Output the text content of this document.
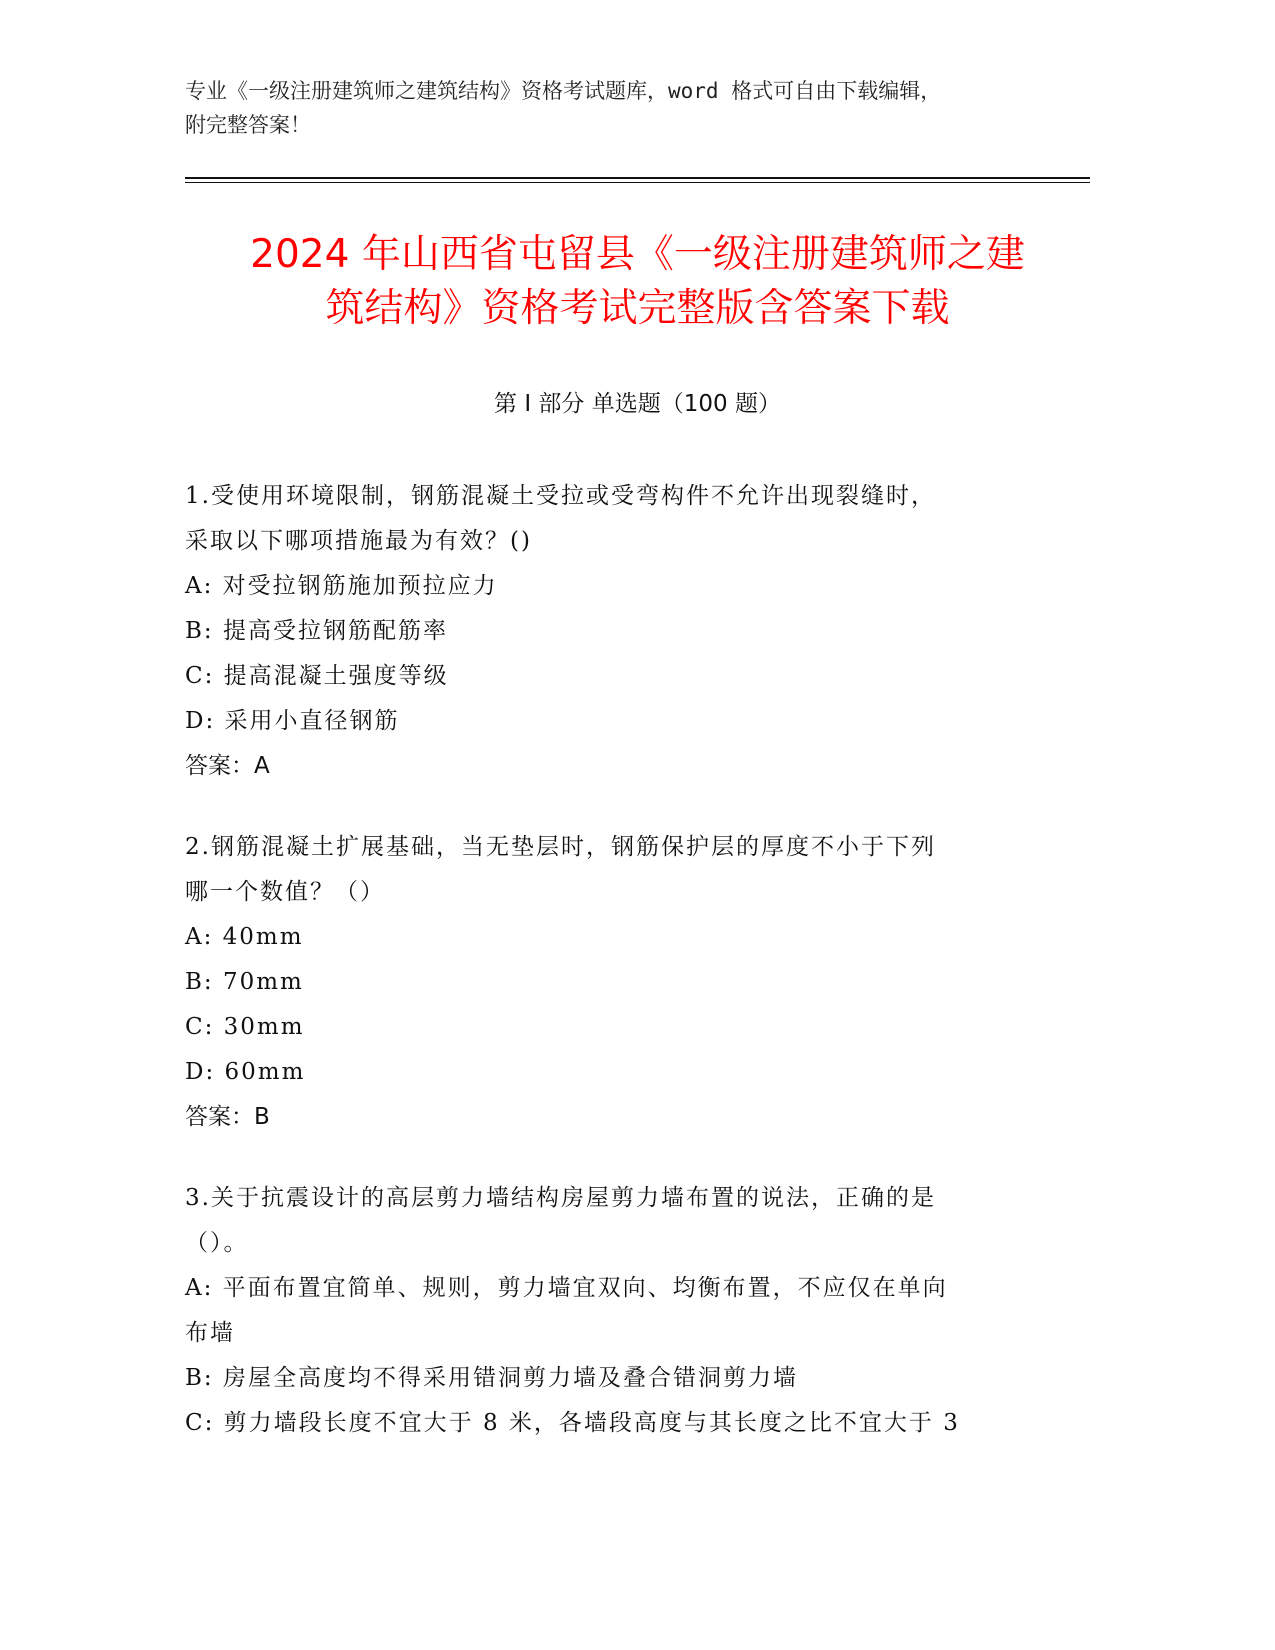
专业《一级注册建筑师之建筑结构》资格考试题库，word 格式可自由下载编辑，
附完整答案！
2024 年山西省屯留县《一级注册建筑师之建
筑结构》资格考试完整版含答案下载
第 I 部分 单选题（100 题）
1.受使用环境限制，钢筋混凝土受拉或受弯构件不允许出现裂缝时，
采取以下哪项措施最为有效？()
A: 对受拉钢筋施加预拉应力
B: 提高受拉钢筋配筋率
C: 提高混凝土强度等级
D: 采用小直径钢筋
答案：A
2.钢筋混凝土扩展基础，当无垫层时，钢筋保护层的厚度不小于下列
哪一个数值？（）
A: 40mm
B: 70mm
C: 30mm
D: 60mm
答案：B
3.关于抗震设计的高层剪力墙结构房屋剪力墙布置的说法，正确的是
（）。
A: 平面布置宜简单、规则，剪力墙宜双向、均衡布置，不应仅在单向
布墙
B: 房屋全高度均不得采用错洞剪力墙及叠合错洞剪力墙
C: 剪力墙段长度不宜大于 8 米，各墙段高度与其长度之比不宜大于 3
